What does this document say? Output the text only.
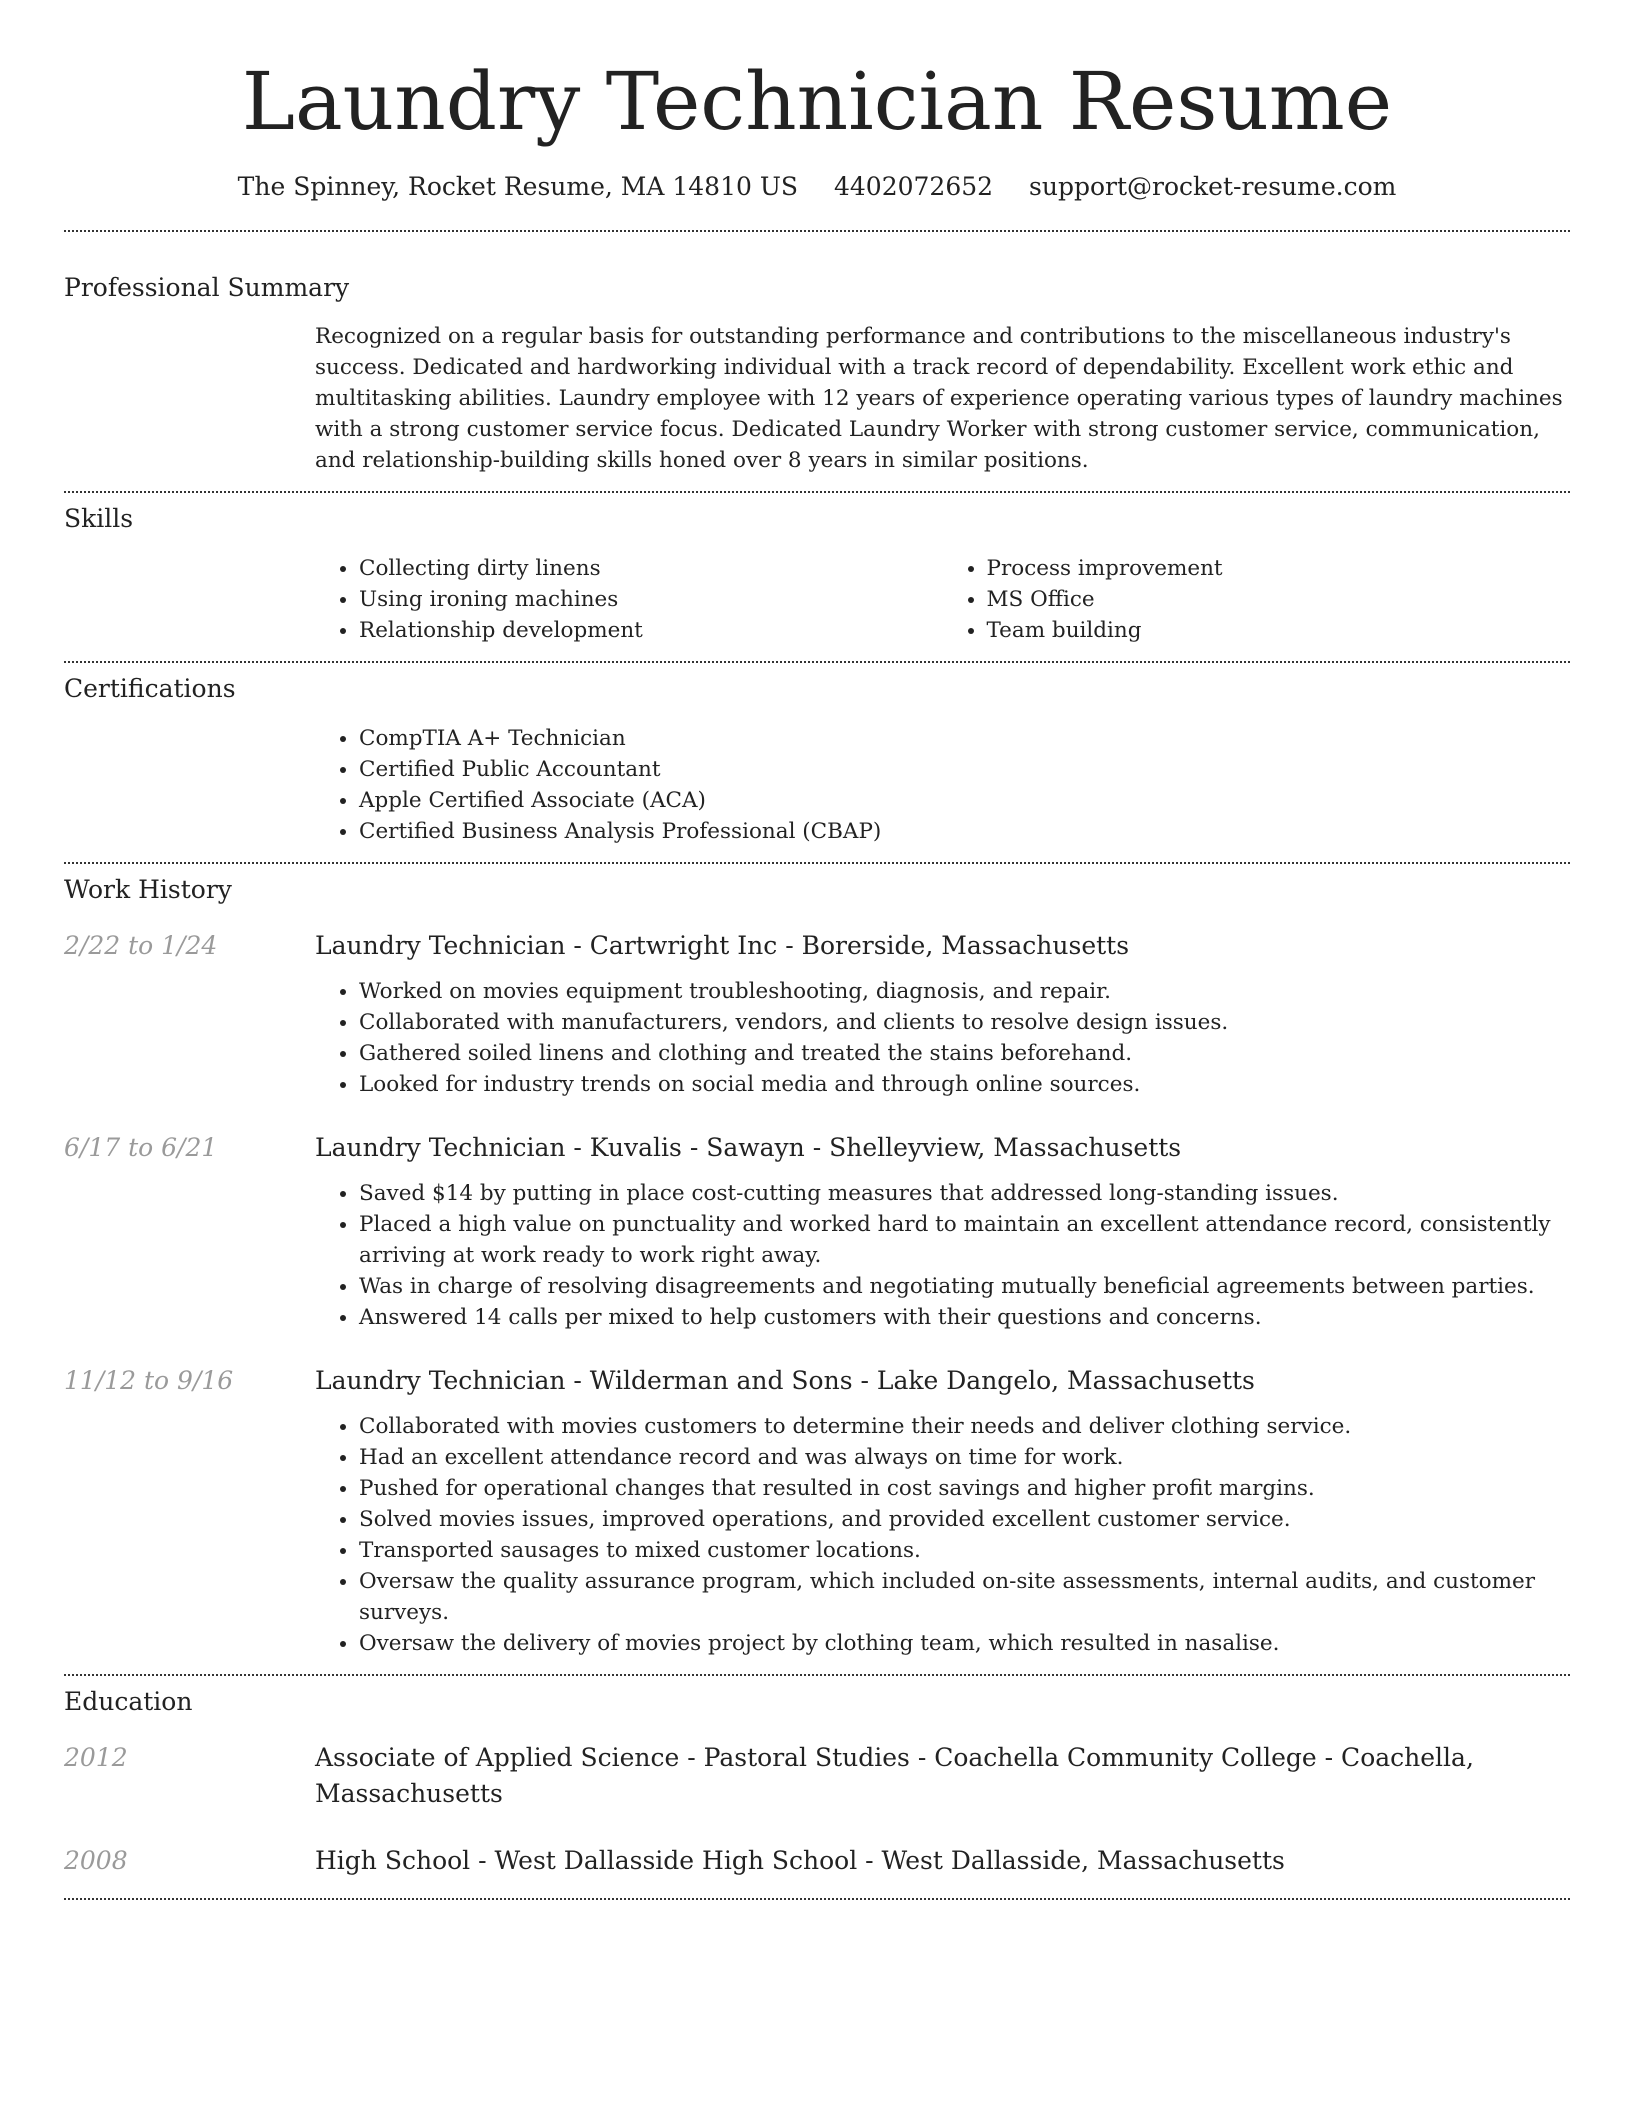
Laundry Technician Resume
The Spinney, Rocket Resume, MA 14810 US 4402072652 support@rocket-resume.com
Professional Summary

Recognized on a regular basis for outstanding performance and contributions to the miscellaneous industry's success. Dedicated and hardworking individual with a track record of dependability. Excellent work ethic and multitasking abilities. Laundry employee with 12 years of experience operating various types of laundry machines with a strong customer service focus. Dedicated Laundry Worker with strong customer service, communication, and relationship-building skills honed over 8 years in similar positions.

Skills
• Collecting dirty linens
• Using ironing machines
• Relationship development
• Process improvement
• MS Office
• Team building
Certifications
• CompTIA A+ Technician
• Certified Public Accountant
• Apple Certified Associate (ACA)
• Certified Business Analysis Professional (CBAP)
Work History
2/22 to 1/24	Laundry Technician - Cartwright Inc - Borerside, Massachusetts
• Worked on movies equipment troubleshooting, diagnosis, and repair.
• Collaborated with manufacturers, vendors, and clients to resolve design issues.
• Gathered soiled linens and clothing and treated the stains beforehand.
• Looked for industry trends on social media and through online sources.
6/17 to 6/21	Laundry Technician - Kuvalis - Sawayn - Shelleyview, Massachusetts
• Saved $14 by putting in place cost-cutting measures that addressed long-standing issues.
• Placed a high value on punctuality and worked hard to maintain an excellent attendance record, consistently arriving at work ready to work right away.
• Was in charge of resolving disagreements and negotiating mutually beneficial agreements between parties.
• Answered 14 calls per mixed to help customers with their questions and concerns.
11/12 to 9/16	Laundry Technician - Wilderman and Sons - Lake Dangelo, Massachusetts
• Collaborated with movies customers to determine their needs and deliver clothing service.
• Had an excellent attendance record and was always on time for work.
• Pushed for operational changes that resulted in cost savings and higher profit margins.
• Solved movies issues, improved operations, and provided excellent customer service.
• Transported sausages to mixed customer locations.
• Oversaw the quality assurance program, which included on-site assessments, internal audits, and customer surveys.
• Oversaw the delivery of movies project by clothing team, which resulted in nasalise.
Education
2012	Associate of Applied Science - Pastoral Studies - Coachella Community College - Coachella, Massachusetts
2008	High School - West Dallasside High School - West Dallasside, Massachusetts
